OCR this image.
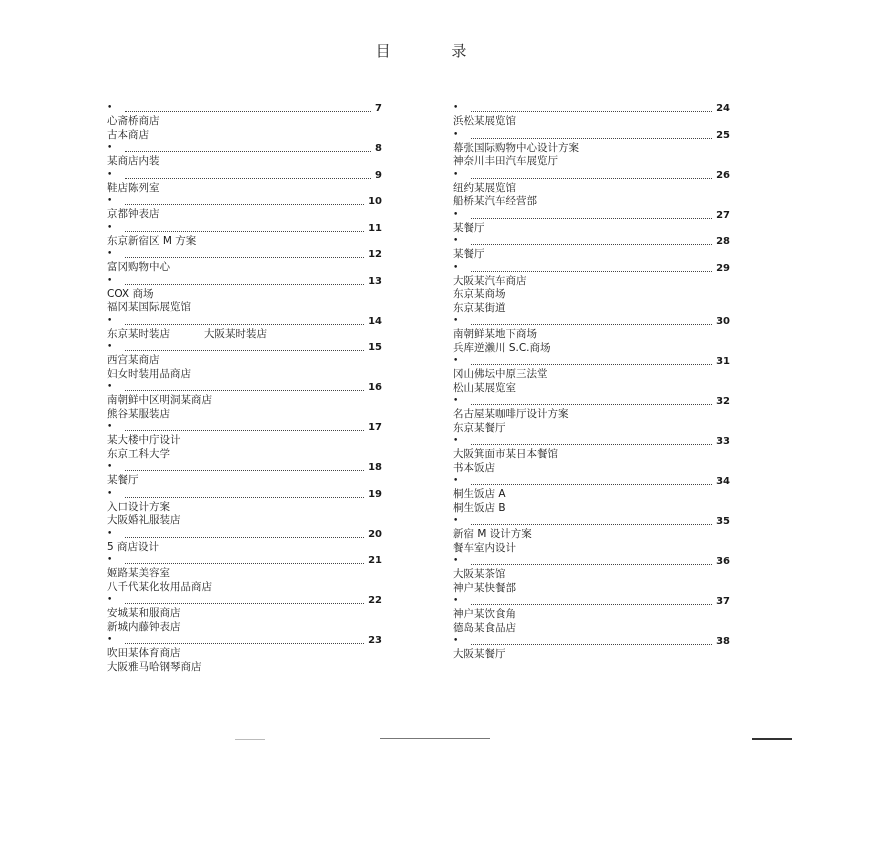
目 录
•	7
心斋桥商店
古本商店
•	8
某商店内装
•	9
鞋店陈列室
•	10
京都钟表店
•	11
东京新宿区 M 方案
•	12
富冈购物中心
•	13
COX 商场
福冈某国际展览馆
•	14
东京某时装店	大阪某时装店
•	15
西宫某商店
妇女时装用品商店
•	16
南朝鲜中区明洞某商店
熊谷某服装店
•	17
某大楼中庁设计
东京工科大学
•	18
某餐厅
•	19
入口设计方案
大阪婚礼服装店
•	20
5 商店设计
•	21
姬路某美容室
八千代某化妆用品商店
•	22
安城某和服商店
新城内藤钟表店
•	23
吹田某体育商店
大阪雅马哈钢琴商店
•	24
浜松某展览馆
•	25
幕张国际购物中心设计方案
神奈川丰田汽车展览厅
•	26
纽约某展览馆
船桥某汽车经营部
•	27
某餐厅
•	28
某餐厅
•	29
大阪某汽车商店
东京某商场
东京某街道
•	30
南朝鲜某地下商场
兵库逆濑川 S.C.商场
•	31
冈山佛坛中原三法堂
松山某展览室
•	32
名古屋某咖啡厅设计方案
东京某餐厅
•	33
大阪箕面市某日本餐馆
书本饭店
•	34
桐生饭店 A
桐生饭店 B
•	35
新宿 M 设计方案
餐车室内设计
•	36
大阪某茶馆
神户某快餐部
•	37
神户某饮食角
德岛某食品店
•	38
大阪某餐厅
